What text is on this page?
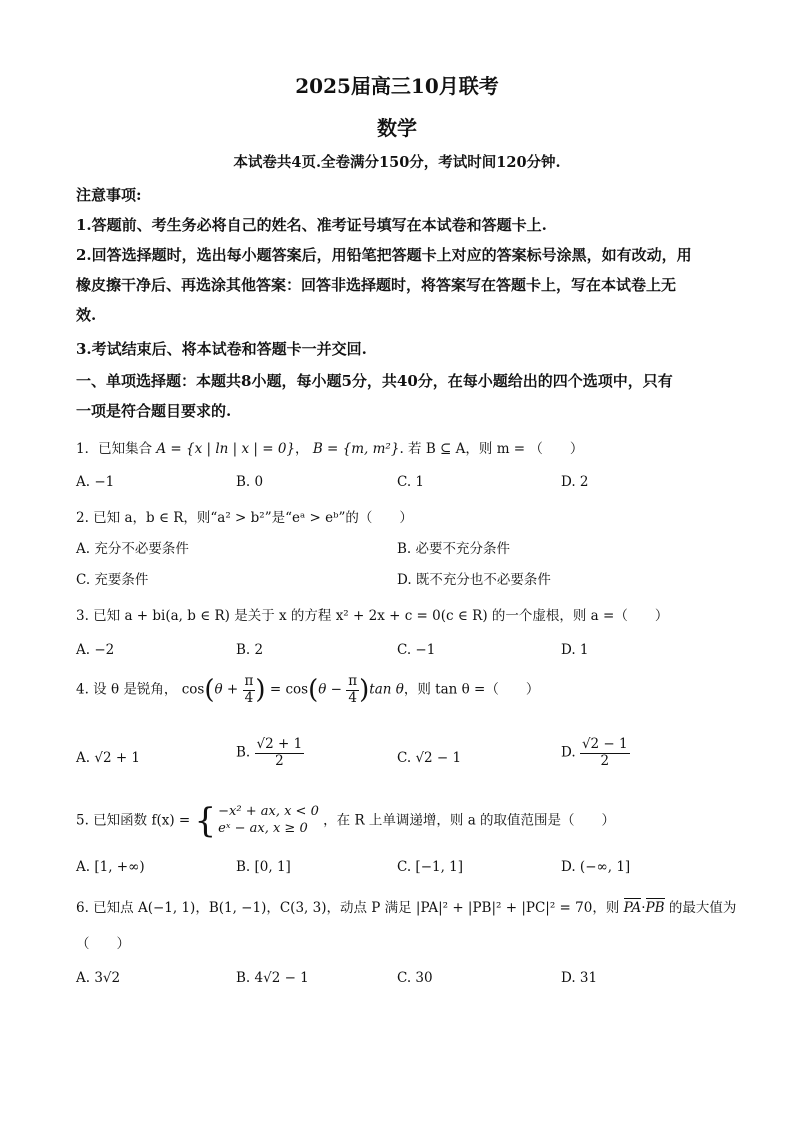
2025届高三10月联考
数学
本试卷共4页.全卷满分150分，考试时间120分钟.
注意事项:
1.答题前、考生务必将自己的姓名、准考证号填写在本试卷和答题卡上.
2.回答选择题时，选出每小题答案后，用铅笔把答题卡上对应的答案标号涂黑，如有改动，用
橡皮擦干净后、再选涂其他答案：回答非选择题时，将答案写在答题卡上，写在本试卷上无
效.
3.考试结束后、将本试卷和答题卡一并交回.
一、单项选择题：本题共8小题，每小题5分，共40分，在每小题给出的四个选项中，只有
一项是符合题目要求的.
1．已知集合 A = {x | ln | x | = 0}， B = {m, m²}. 若 B ⊆ A，则 m = （　　）
A. −1	B. 0	C. 1	D. 2
2. 已知 a，b ∈ R，则“a² > b²”是“eᵃ > eᵇ”的（　　）
A. 充分不必要条件	B. 必要不充分条件
C. 充要条件	D. 既不充分也不必要条件
3. 已知 a + bi(a, b ∈ R) 是关于 x 的方程 x² + 2x + c = 0(c ∈ R) 的一个虚根，则 a =（　　）
A. −2	B. 2	C. −1	D. 1
4. 设 θ 是锐角， $\cos(\theta + \frac{\pi}{4}$ ) = $\cos(\theta - \frac{\pi}{4} )\tan$ θ，则 tan θ =（　　）
A. √2 + 1	B. $\frac{√2 + 1}{2}$	C. √2 − 1	D. $\frac{√2 - 1}{2}$
5. 已知函数 f(x) = { −x² + ax, x < 0
eˣ − ax, x ≥ 0	，在 R 上单调递增，则 a 的取值范围是（　　）
A. [1, +∞)	B. [0, 1]	C. [−1, 1]	D. (−∞, 1]
6. 已知点 A(−1, 1)，B(1, −1)，C(3, 3)，动点 P 满足 |PA|² + |PB|² + |PC|² = 70，则 PA·PB 的最大值为
（　　）
A. 3√2	B. 4√2 − 1	C. 30	D. 31
